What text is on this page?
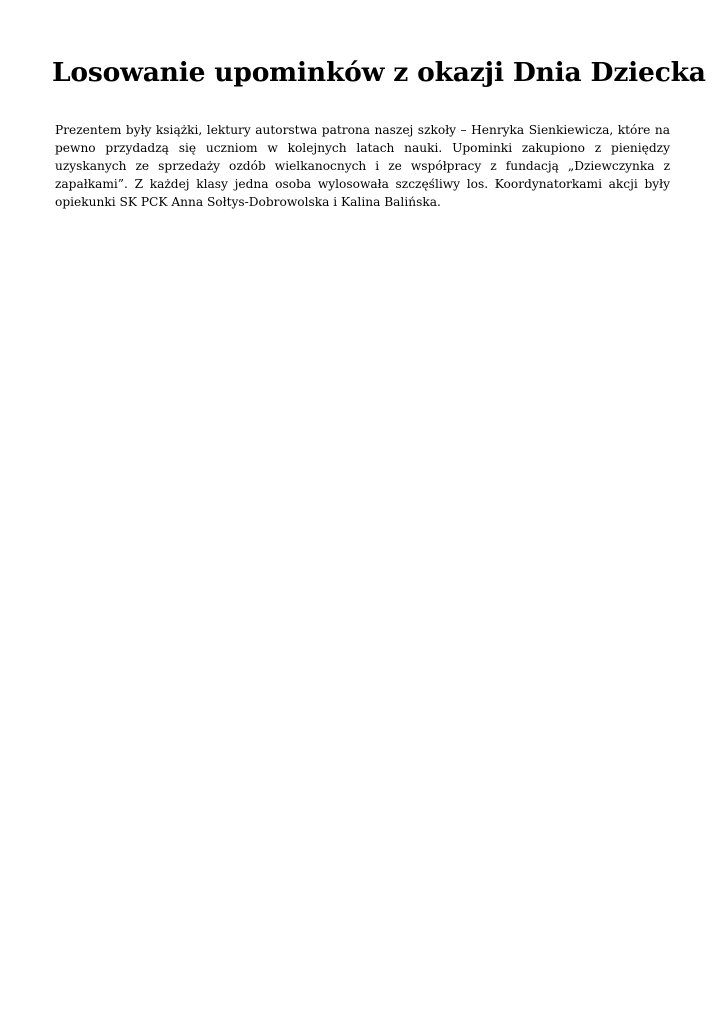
Losowanie upominków z okazji Dnia Dziecka

Prezentem były książki, lektury autorstwa patrona naszej szkoły – Henryka Sienkiewicza, które na pewno przydadzą się uczniom w kolejnych latach nauki. Upominki zakupiono z pieniędzy uzyskanych ze sprzedaży ozdób wielkanocnych i ze współpracy z fundacją „Dziewczynka z zapałkami”. Z każdej klasy jedna osoba wylosowała szczęśliwy los. Koordynatorkami akcji były opiekunki SK PCK Anna Sołtys-Dobrowolska i Kalina Balińska.
